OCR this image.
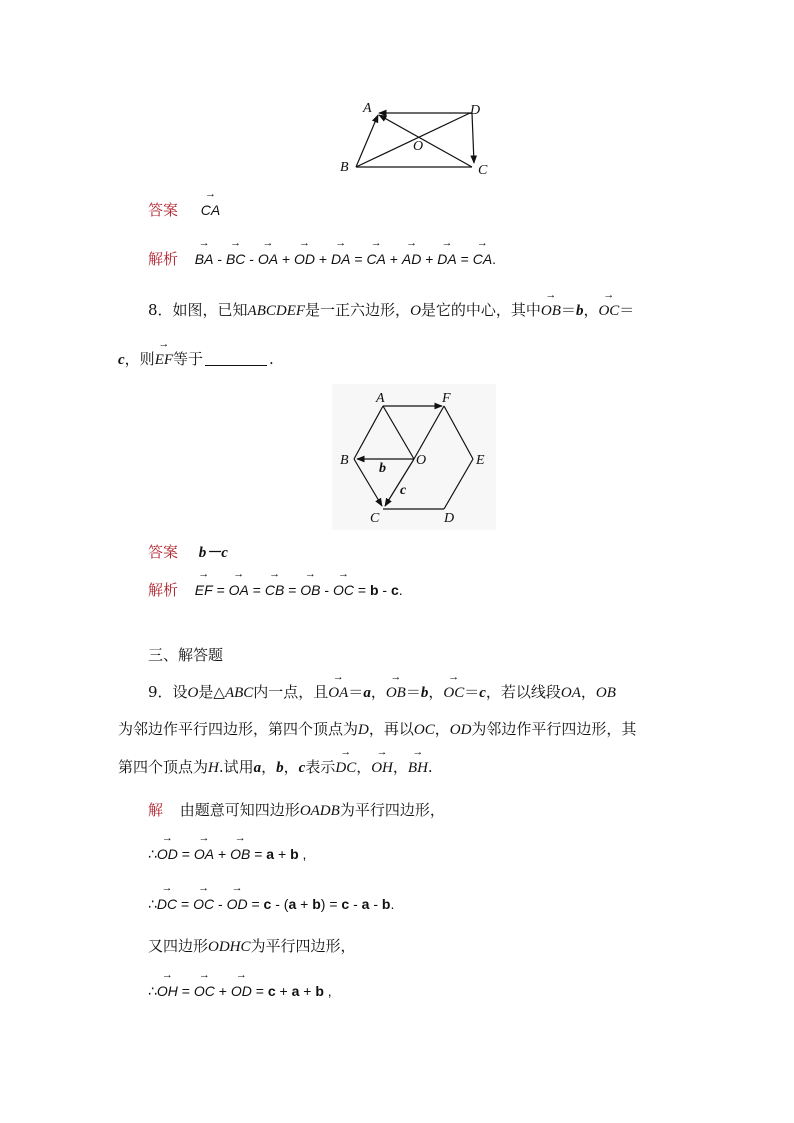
A	D
O
B	C
答案 → CA
解析 → BA - → BC - → OA + → OD + → DA = → CA + → AD + → DA = → CA.
8．如图，已知ABCDEF是一正六边形，O是它的中心，其中→ OB＝b，→ OC＝
c，则→ EF等于	.
A	F
B	O	E
C	D
b
c
答案 b－c
解析 → EF = → OA = → CB = → OB - → OC = b - c.
三、解答题
9．设O是△ABC内一点，且→ OA＝a，→ OB＝b，→ OC＝c，若以线段OA，OB
为邻边作平行四边形，第四个顶点为D，再以OC，OD为邻边作平行四边形，其
第四个顶点为H.试用a，b，c表示→ DC，→ OH，→ BH.
解 由题意可知四边形OADB为平行四边形，
∴→ OD = → OA + → OB = a + b ,
∴→ DC = → OC - → OD = c - (a + b) = c - a - b.
又四边形ODHC为平行四边形，
∴→ OH = → OC + → OD = c + a + b ,
